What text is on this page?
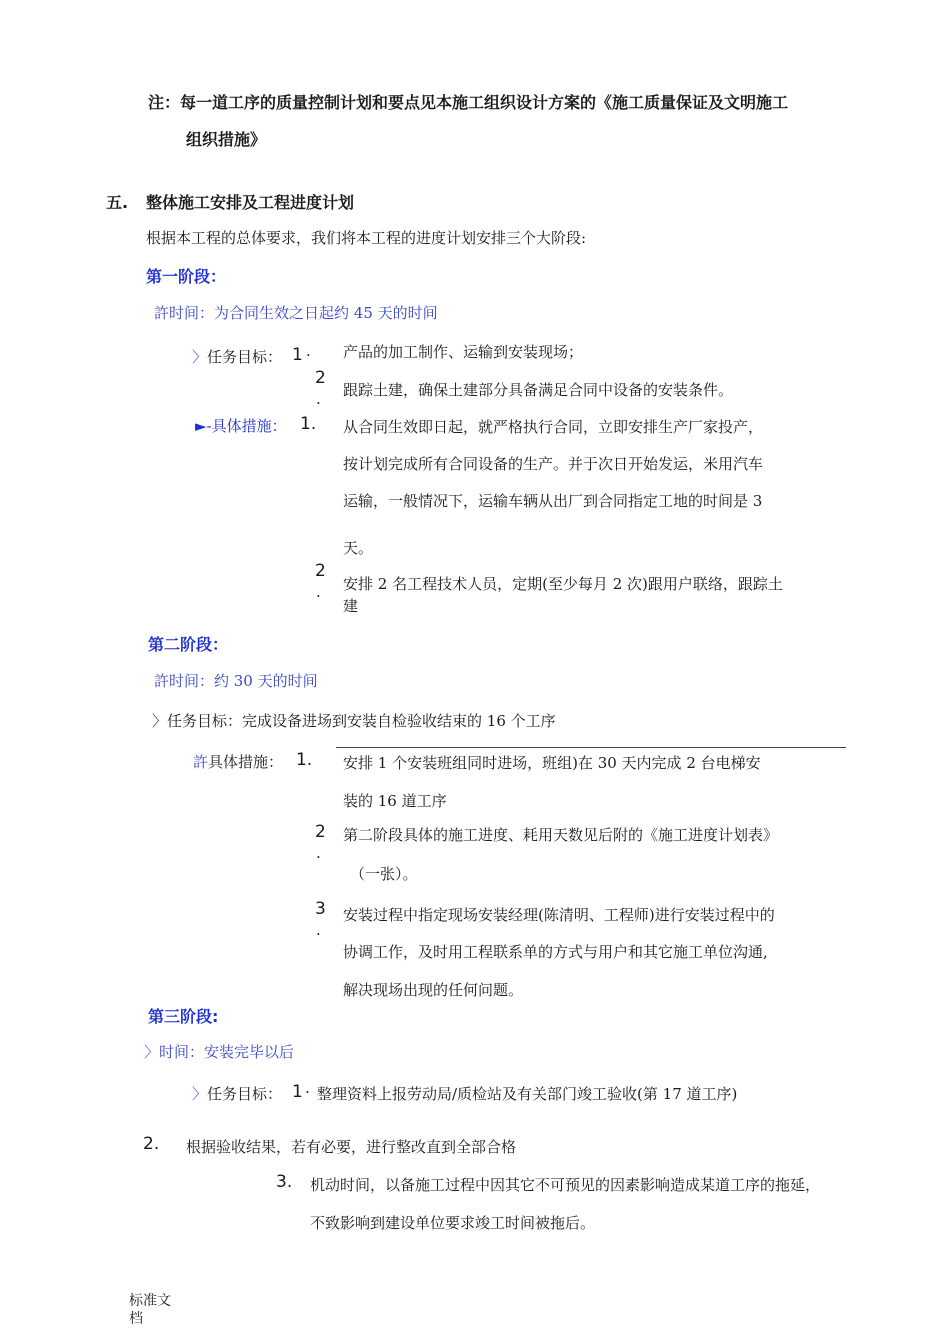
注：每一道工序的质量控制计划和要点见本施工组织设计方案的《施工质量保证及文明施工
组织措施》
五. 整体施工安排及工程进度计划
根据本工程的总体要求，我们将本工程的进度计划安排三个大阶段:
第一阶段：
許时间：为合同生效之日起约 45 天的时间
〉任务目标： 1 · 产品的加工制作、运输到安装现场；
2
. 跟踪土建，确保土建部分具备满足合同中设备的安装条件。
►-具体措施： 1. 从合同生效即日起，就严格执行合同，立即安排生产厂家投产，
按计划完成所有合同设备的生产。并于次日开始发运，米用汽车
运输，一般情况下，运输车辆从出厂到合同指定工地的时间是 3
天。
2
. 安排 2 名工程技术人员，定期(至少每月 2 次)跟用户联络，跟踪土
建
第二阶段：
許时间：约 30 天的时间
〉任务目标：完成设备进场到安装自检验收结束的 16 个工序
許具体措施： 1. 安排 1 个安装班组同时进场，班组)在 30 天内完成 2 台电梯安
装的 16 道工序
2
.
第二阶段具体的施工进度、耗用天数见后附的《施工进度计划表》
（一张）。
3
.
安装过程中指定现场安装经理(陈清明、工程师)进行安装过程中的
协调工作，及时用工程联系单的方式与用户和其它施工单位沟通,
解决现场出现的任何问题。
第三阶段:
〉时间：安装完毕以后
〉任务目标： 1 · 整理资料上报劳动局/质检站及有关部门竣工验收(第 17 道工序)
2. 根据验收结果，若有必要，进行整改直到全部合格
3. 机动时间，以备施工过程中因其它不可预见的因素影响造成某道工序的拖延，
不致影响到建设单位要求竣工时间被拖后。
标准文档
